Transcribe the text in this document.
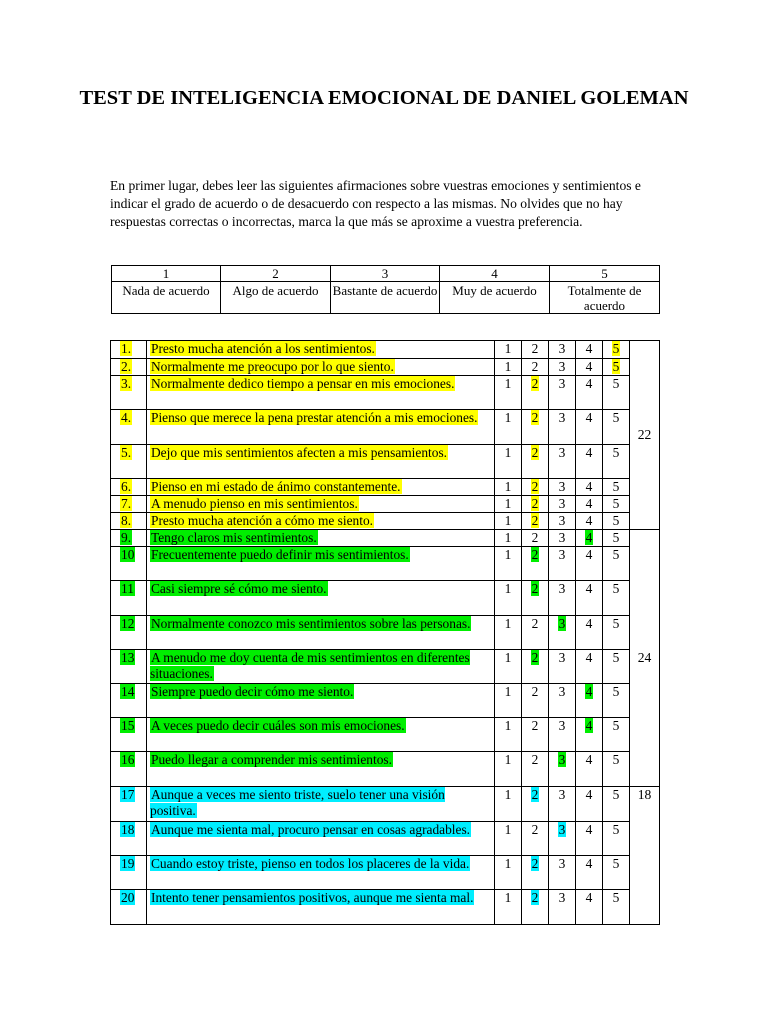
TEST DE INTELIGENCIA EMOCIONAL DE DANIEL GOLEMAN

En primer lugar, debes leer las siguientes afirmaciones sobre vuestras emociones y sentimientos e indicar el grado de acuerdo o de desacuerdo con respecto a las mismas. No olvides que no hay respuestas correctas o incorrectas, marca la que más se aproxime a vuestra preferencia.

1	2	3	4	5
Nada de acuerdo	Algo de acuerdo	Bastante de acuerdo	Muy de acuerdo	Totalmente de acuerdo
1.	Presto mucha atención a los sentimientos.	1	2	3	4	5	22
2.	Normalmente me preocupo por lo que siento.	1	2	3	4	5	
3.	Normalmente dedico tiempo a pensar en mis emociones.	1	2	3	4	5	
4.	Pienso que merece la pena prestar atención a mis emociones.	1	2	3	4	5	
5.	Dejo que mis sentimientos afecten a mis pensamientos.	1	2	3	4	5	
6.	Pienso en mi estado de ánimo constantemente.	1	2	3	4	5	
7.	A menudo pienso en mis sentimientos.	1	2	3	4	5	
8.	Presto mucha atención a cómo me siento.	1	2	3	4	5	
9.	Tengo claros mis sentimientos.	1	2	3	4	5	24
10	Frecuentemente puedo definir mis sentimientos.	1	2	3	4	5	
11	Casi siempre sé cómo me siento.	1	2	3	4	5	
12	Normalmente conozco mis sentimientos sobre las personas.	1	2	3	4	5	
13	A menudo me doy cuenta de mis sentimientos en diferentes situaciones.	1	2	3	4	5	
14	Siempre puedo decir cómo me siento.	1	2	3	4	5	
15	A veces puedo decir cuáles son mis emociones.	1	2	3	4	5	
16	Puedo llegar a comprender mis sentimientos.	1	2	3	4	5	
17	Aunque a veces me siento triste, suelo tener una visión positiva.	1	2	3	4	5	18
18	Aunque me sienta mal, procuro pensar en cosas agradables.	1	2	3	4	5	
19	Cuando estoy triste, pienso en todos los placeres de la vida.	1	2	3	4	5	
20	Intento tener pensamientos positivos, aunque me sienta mal.	1	2	3	4	5	
